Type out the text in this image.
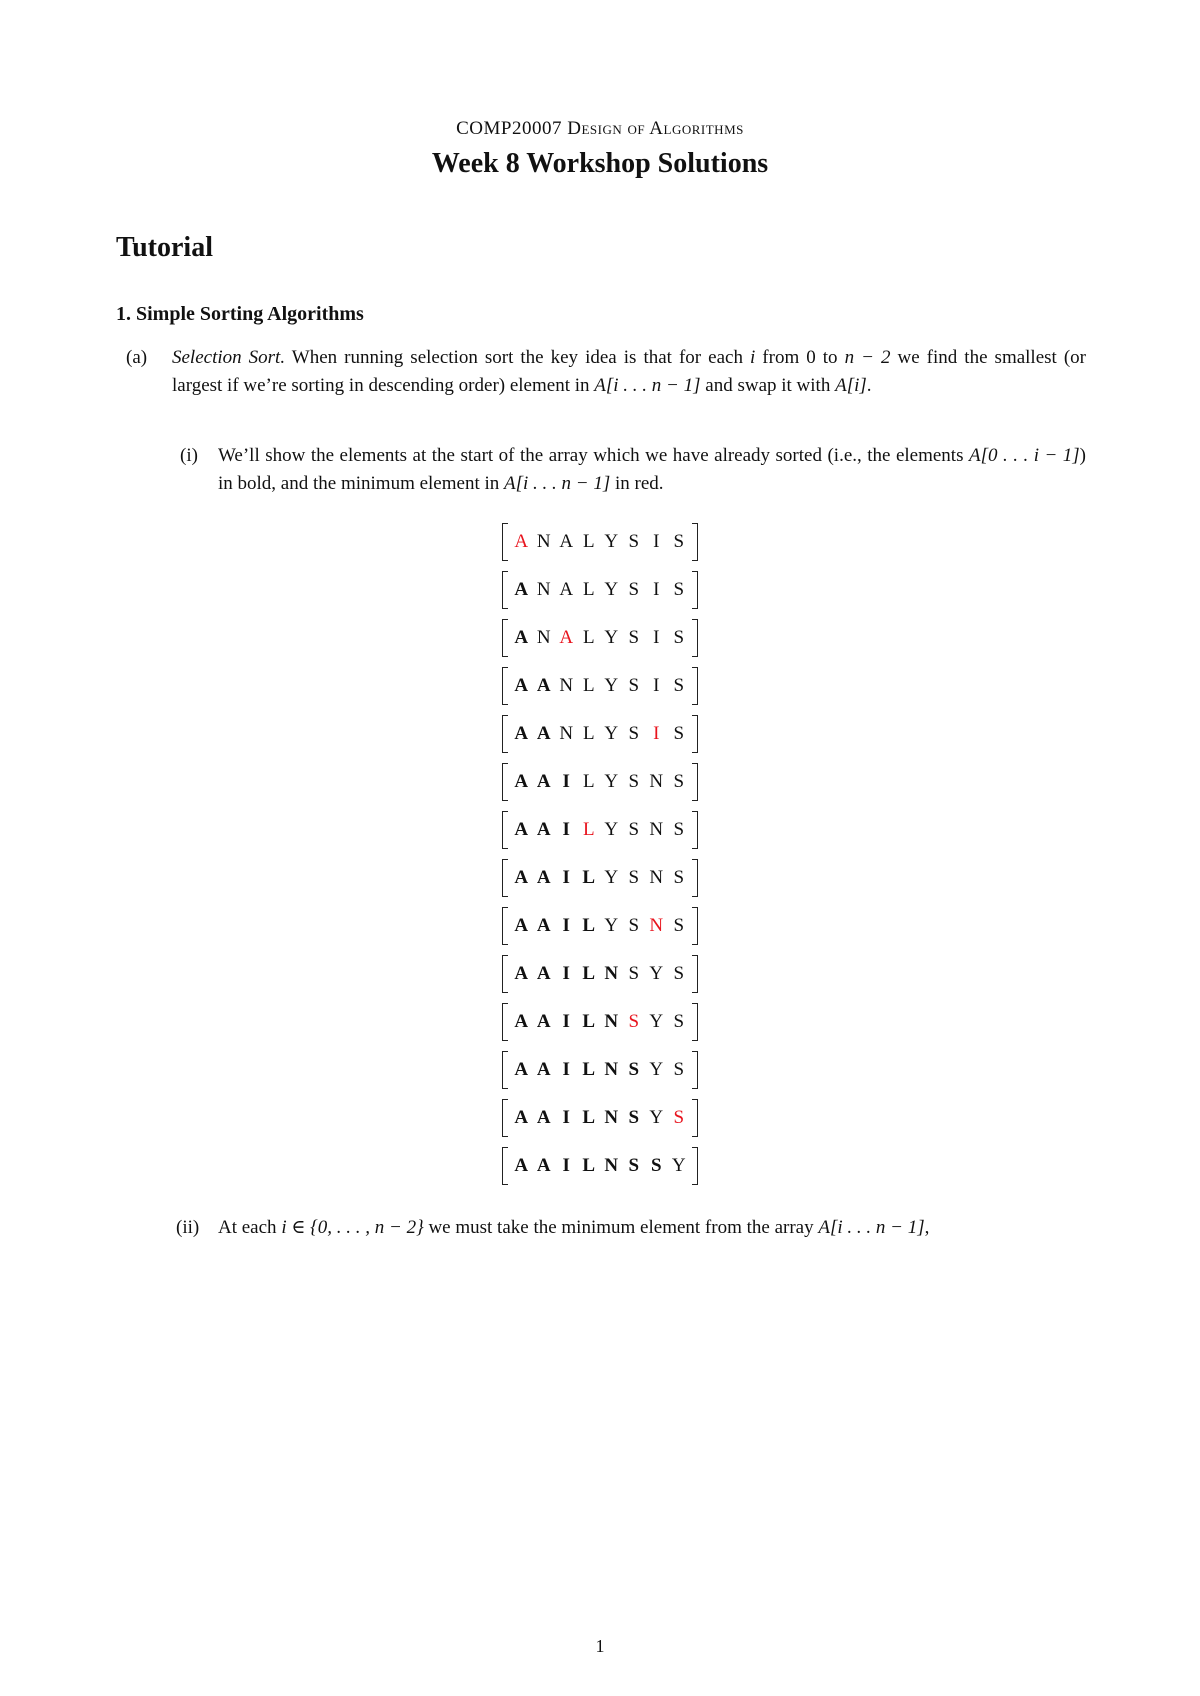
COMP20007 Design of Algorithms
Week 8 Workshop Solutions
Tutorial
1. Simple Sorting Algorithms
(a) Selection Sort. When running selection sort the key idea is that for each i from 0 to n − 2 we find the smallest (or largest if we’re sorting in descending order) element in A[i . . . n − 1] and swap it with A[i].
(i) We’ll show the elements at the start of the array which we have already sorted (i.e., the elements A[0 . . . i − 1]) in bold, and the minimum element in A[i . . . n − 1] in red.
A N A L Y S I S
A N A L Y S I S
A N A L Y S I S
A A N L Y S I S
A A N L Y S I S
A A I L Y S N S
A A I L Y S N S
A A I L Y S N S
A A I L Y S N S
A A I L N S Y S
A A I L N S Y S
A A I L N S Y S
A A I L N S Y S
A A I L N S S Y
(ii) At each i ∈ {0, . . . , n − 2} we must take the minimum element from the array A[i . . . n − 1],
1
